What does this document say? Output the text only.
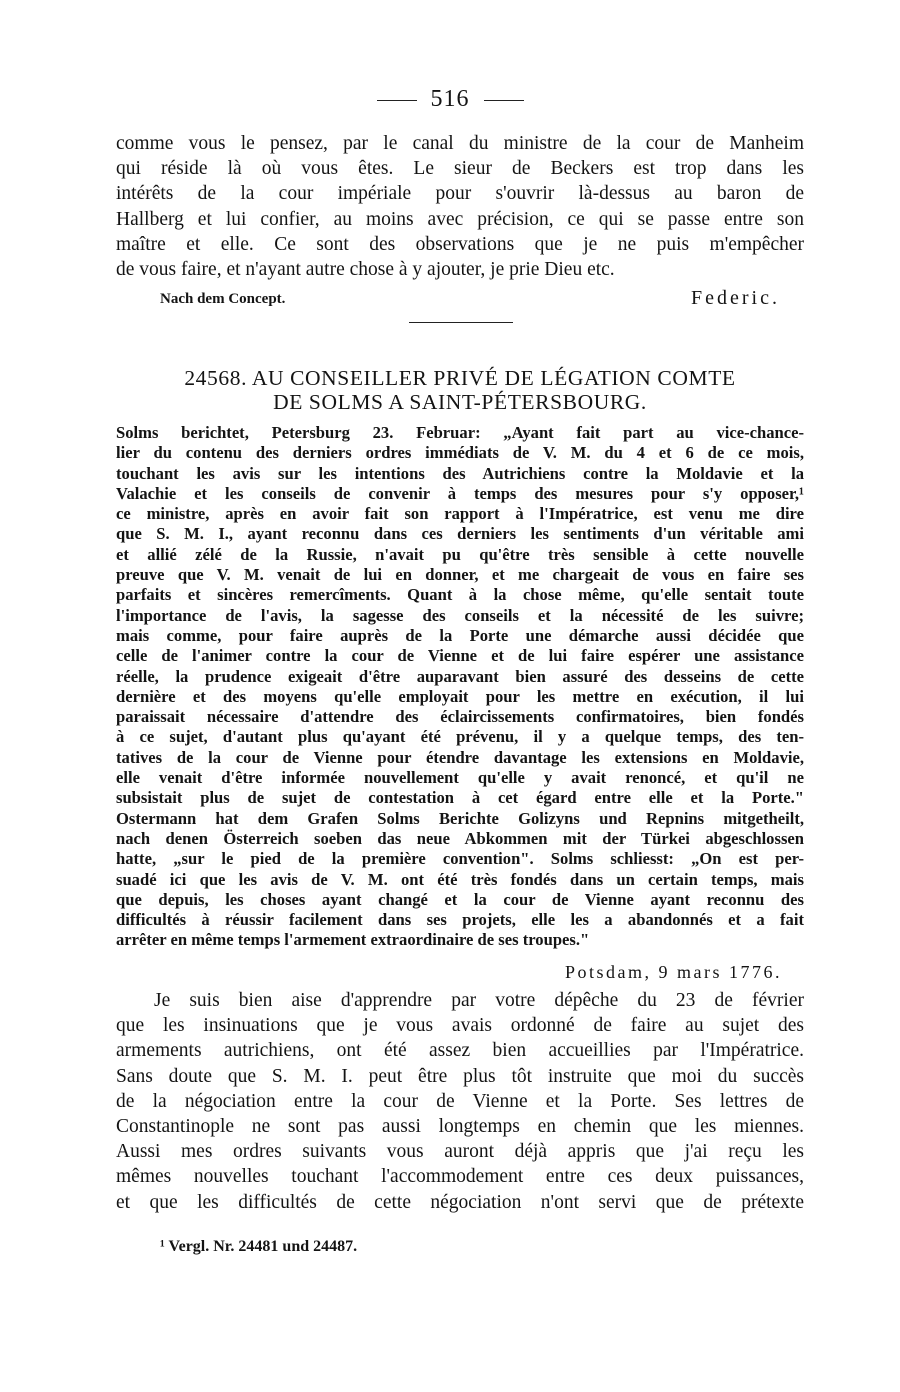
516
comme vous le pensez, par le canal du ministre de la cour de Manheim
qui réside là où vous êtes. Le sieur de Beckers est trop dans les
intérêts de la cour impériale pour s'ouvrir là-dessus au baron de
Hallberg et lui confier, au moins avec précision, ce qui se passe entre son
maître et elle. Ce sont des observations que je ne puis m'empêcher
de vous faire, et n'ayant autre chose à y ajouter, je prie Dieu etc.
Nach dem Concept.	Federic.
24568. AU CONSEILLER PRIVÉ DE LÉGATION COMTE
DE SOLMS A SAINT-PÉTERSBOURG.
Solms berichtet, Petersburg 23. Februar: „Ayant fait part au vice-chance-
lier du contenu des derniers ordres immédiats de V. M. du 4 et 6 de ce mois,
touchant les avis sur les intentions des Autrichiens contre la Moldavie et la
Valachie et les conseils de convenir à temps des mesures pour s'y opposer,¹
ce ministre, après en avoir fait son rapport à l'Impératrice, est venu me dire
que S. M. I., ayant reconnu dans ces derniers les sentiments d'un véritable ami
et allié zélé de la Russie, n'avait pu qu'être très sensible à cette nouvelle
preuve que V. M. venait de lui en donner, et me chargeait de vous en faire ses
parfaits et sincères remercîments. Quant à la chose même, qu'elle sentait toute
l'importance de l'avis, la sagesse des conseils et la nécessité de les suivre;
mais comme, pour faire auprès de la Porte une démarche aussi décidée que
celle de l'animer contre la cour de Vienne et de lui faire espérer une assistance
réelle, la prudence exigeait d'être auparavant bien assuré des desseins de cette
dernière et des moyens qu'elle employait pour les mettre en exécution, il lui
paraissait nécessaire d'attendre des éclaircissements confirmatoires, bien fondés
à ce sujet, d'autant plus qu'ayant été prévenu, il y a quelque temps, des ten-
tatives de la cour de Vienne pour étendre davantage les extensions en Moldavie,
elle venait d'être informée nouvellement qu'elle y avait renoncé, et qu'il ne
subsistait plus de sujet de contestation à cet égard entre elle et la Porte."
Ostermann hat dem Grafen Solms Berichte Golizyns und Repnins mitgetheilt,
nach denen Österreich soeben das neue Abkommen mit der Türkei abgeschlossen
hatte, „sur le pied de la première convention". Solms schliesst: „On est per-
suadé ici que les avis de V. M. ont été très fondés dans un certain temps, mais
que depuis, les choses ayant changé et la cour de Vienne ayant reconnu des
difficultés à réussir facilement dans ses projets, elle les a abandonnés et a fait
arrêter en même temps l'armement extraordinaire de ses troupes."
Potsdam, 9 mars 1776.
Je suis bien aise d'apprendre par votre dépêche du 23 de février
que les insinuations que je vous avais ordonné de faire au sujet des
armements autrichiens, ont été assez bien accueillies par l'Impératrice.
Sans doute que S. M. I. peut être plus tôt instruite que moi du succès
de la négociation entre la cour de Vienne et la Porte. Ses lettres de
Constantinople ne sont pas aussi longtemps en chemin que les miennes.
Aussi mes ordres suivants vous auront déjà appris que j'ai reçu les
mêmes nouvelles touchant l'accommodement entre ces deux puissances,
et que les difficultés de cette négociation n'ont servi que de prétexte
¹ Vergl. Nr. 24481 und 24487.
